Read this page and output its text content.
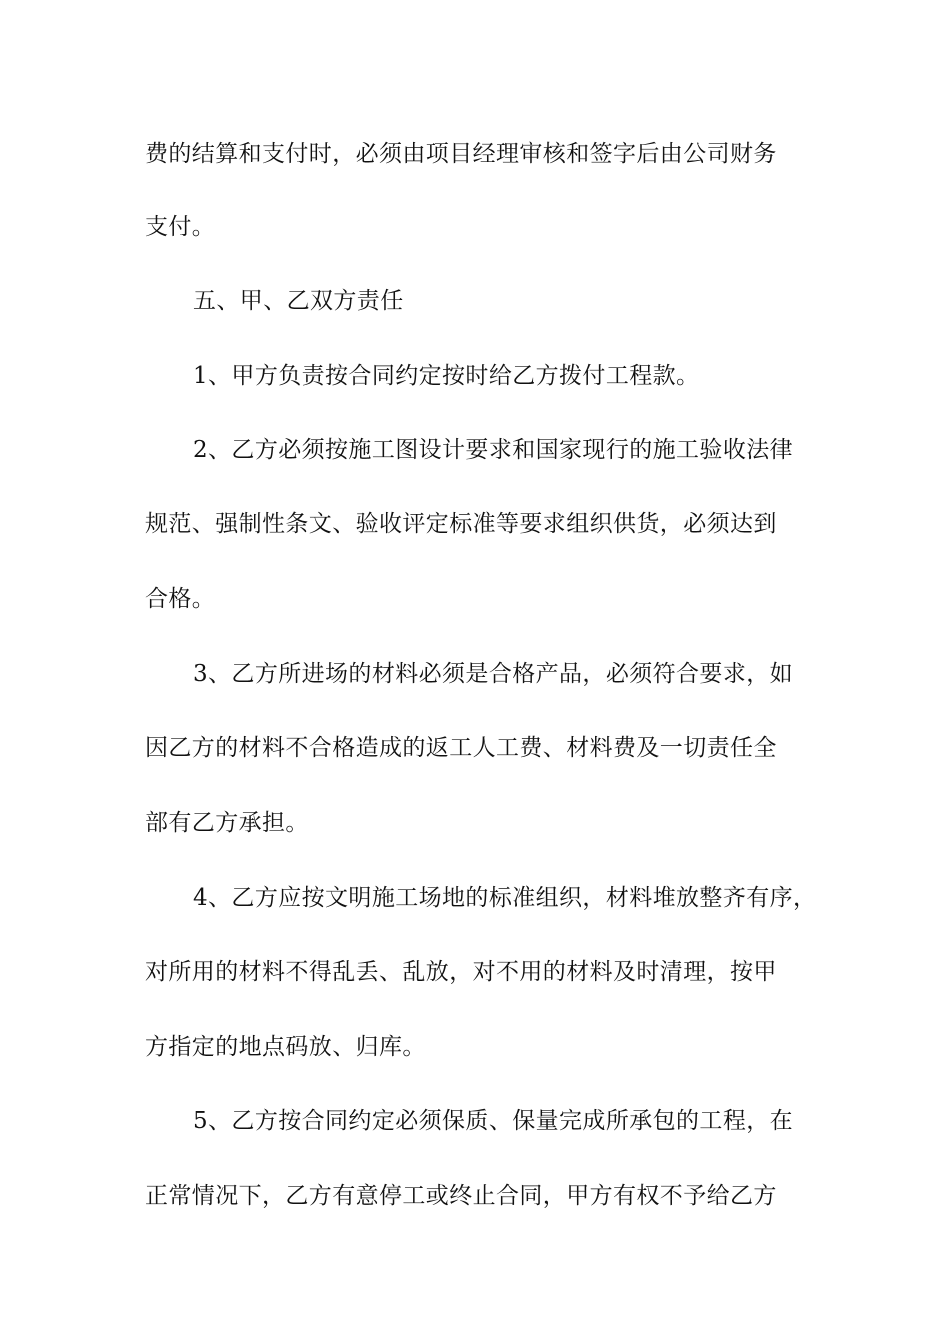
费的结算和支付时，必须由项目经理审核和签字后由公司财务
支付。
五、甲、乙双方责任
1、甲方负责按合同约定按时给乙方拨付工程款。
2、乙方必须按施工图设计要求和国家现行的施工验收法律
规范、强制性条文、验收评定标准等要求组织供货，必须达到
合格。
3、乙方所进场的材料必须是合格产品，必须符合要求，如
因乙方的材料不合格造成的返工人工费、材料费及一切责任全
部有乙方承担。
4、乙方应按文明施工场地的标准组织，材料堆放整齐有序，
对所用的材料不得乱丢、乱放，对不用的材料及时清理，按甲
方指定的地点码放、归库。
5、乙方按合同约定必须保质、保量完成所承包的工程，在
正常情况下，乙方有意停工或终止合同，甲方有权不予给乙方
